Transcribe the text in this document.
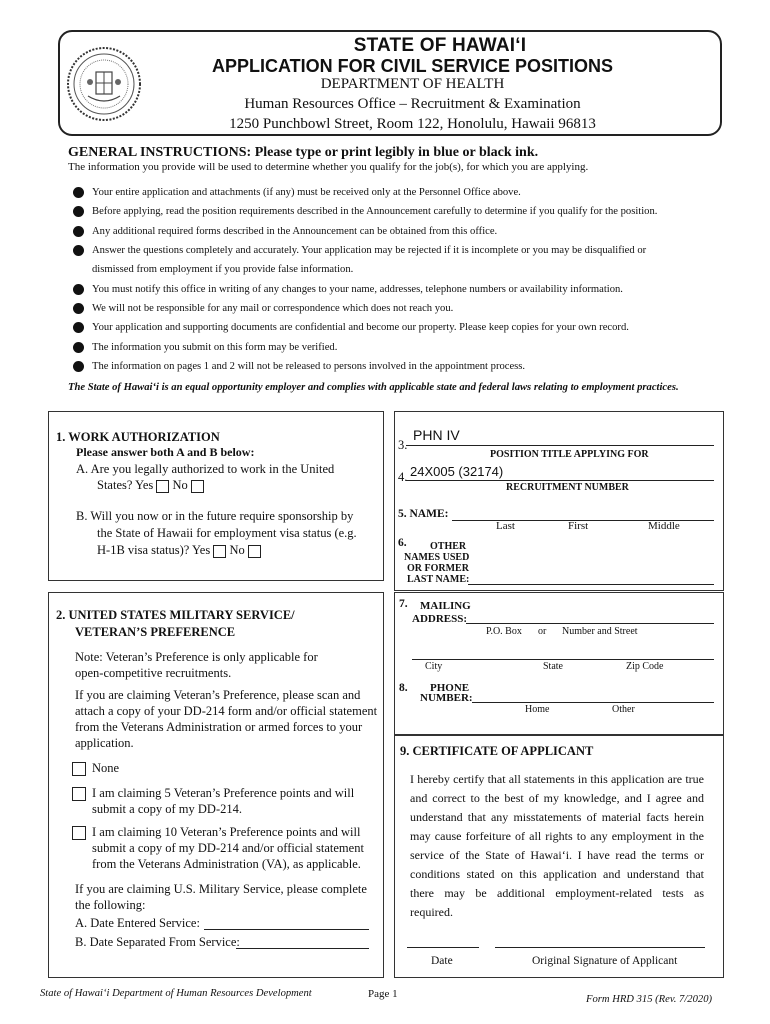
STATE OF HAWAIʻI
APPLICATION FOR CIVIL SERVICE POSITIONS
DEPARTMENT OF HEALTH
Human Resources Office – Recruitment & Examination
1250 Punchbowl Street, Room 122, Honolulu, Hawaii 96813
GENERAL INSTRUCTIONS: Please type or print legibly in blue or black ink.
The information you provide will be used to determine whether you qualify for the job(s), for which you are applying.
Your entire application and attachments (if any) must be received only at the Personnel Office above.
Before applying, read the position requirements described in the Announcement carefully to determine if you qualify for the position.
Any additional required forms described in the Announcement can be obtained from this office.
Answer the questions completely and accurately. Your application may be rejected if it is incomplete or you may be disqualified or
dismissed from employment if you provide false information.
You must notify this office in writing of any changes to your name, addresses, telephone numbers or availability information.
We will not be responsible for any mail or correspondence which does not reach you.
Your application and supporting documents are confidential and become our property. Please keep copies for your own record.
The information you submit on this form may be verified.
The information on pages 1 and 2 will not be released to persons involved in the appointment process.
The State of Hawaiʻi is an equal opportunity employer and complies with applicable state and federal laws relating to employment practices.
1. WORK AUTHORIZATION
Please answer both A and B below:
A. Are you legally authorized to work in the United
States? Yes No
B. Will you now or in the future require sponsorship by
the State of Hawaii for employment visa status (e.g.
H-1B visa status)? Yes No
2. UNITED STATES MILITARY SERVICE/
VETERAN’S PREFERENCE
Note: Veteran’s Preference is only applicable for
open-competitive recruitments.
If you are claiming Veteran’s Preference, please scan and
attach a copy of your DD-214 form and/or official statement
from the Veterans Administration or armed forces to your
application.
None
I am claiming 5 Veteran’s Preference points and will
submit a copy of my DD-214.
I am claiming 10 Veteran’s Preference points and will
submit a copy of my DD-214 and/or official statement
from the Veterans Administration (VA), as applicable.
If you are claiming U.S. Military Service, please complete
the following:
A. Date Entered Service:
B. Date Separated From Service:
3.
PHN IV
POSITION TITLE APPLYING FOR
4. 24X005 (32174)
RECRUITMENT NUMBER
5. NAME:
Last	First	Middle
6. OTHER
NAMES USED
OR FORMER
LAST NAME:
7. MAILING
ADDRESS:
P.O. Box or Number and Street
City	State	Zip Code
8. PHONE
NUMBER:
Home	Other
9. CERTIFICATE OF APPLICANT
I hereby certify that all statements in this application are true and correct to the best of my knowledge, and I agree and understand that any misstatements of material facts herein may cause forfeiture of all rights to any employment in the service of the State of Hawaiʻi. I have read the terms or conditions stated on this application and understand that there may be additional employment-related tests as required.
Date	Original Signature of Applicant
State of Hawaiʻi Department of Human Resources Development	Page 1	Form HRD 315 (Rev. 7/2020)
